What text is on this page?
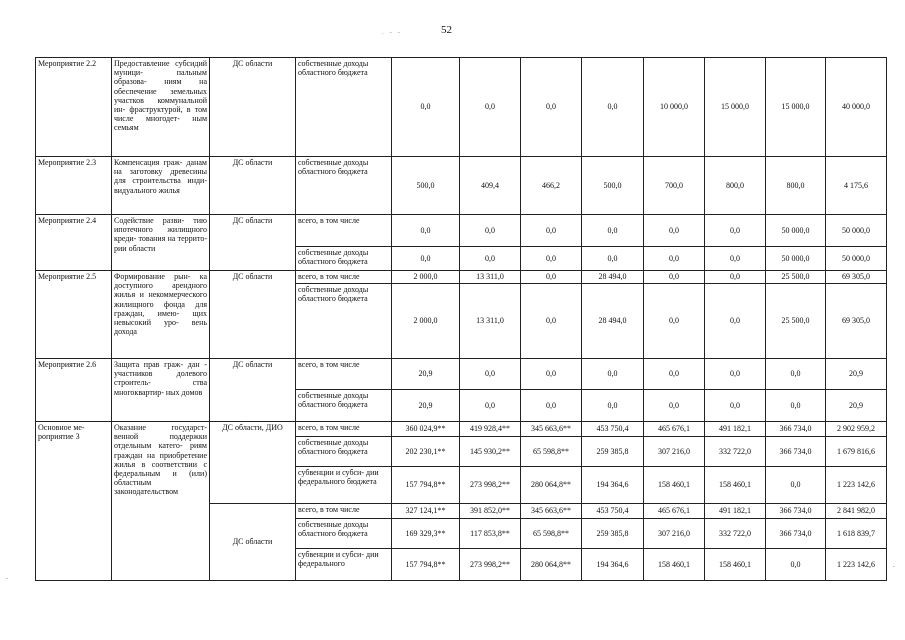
52
. - -
.
.
Мероприятие 2.2	Предоставление субсидий муници- пальным образова- ниям на обеспечение земельных участков коммунальной ин- фраструктурой, в том числе многодет- ным семьям	ДС области	собственные доходы областного бюджета	0,0	0,0	0,0	0,0	10 000,0	15 000,0	15 000,0	40 000,0
Мероприятие 2.3	Компенсация граж- данам на заготовку древесины для строительства инди- видуального жилья	ДС области	собственные доходы областного бюджета	500,0	409,4	466,2	500,0	700,0	800,0	800,0	4 175,6
Мероприятие 2.4	Содействие разви- тию ипотечного жилищного креди- тования на террито- рии области	ДС области	всего, в том числе	0,0	0,0	0,0	0,0	0,0	0,0	50 000,0	50 000,0
			собственные доходы областного бюджета	0,0	0,0	0,0	0,0	0,0	0,0	50 000,0	50 000,0
Мероприятие 2.5	Формирование рын- ка доступного арендного жилья и некоммерческого жилищного фонда для граждан, имею- щих невысокий уро- вень дохода	ДС области	всего, в том числе	2 000,0	13 311,0	0,0	28 494,0	0,0	0,0	25 500,0	69 305,0
			собственные доходы областного бюджета	2 000,0	13 311,0	0,0	28 494,0	0,0	0,0	25 500,0	69 305,0
Мероприятие 2.6	Защита прав граж- дан - участников долевого строитель- ства многоквартир- ных домов	ДС области	всего, в том числе	20,9	0,0	0,0	0,0	0,0	0,0	0,0	20,9
			собственные доходы областного бюджета	20,9	0,0	0,0	0,0	0,0	0,0	0,0	20,9
Основное ме- роприятие 3	Оказание государст- венной поддержки отдельным катего- риям граждан на приобретение жилья в соответствии с федеральным и (или) областным законодательством	ДС области, ДИО	всего, в том числе	360 024,9**	419 928,4**	345 663,6**	453 750,4	465 676,1	491 182,1	366 734,0	2 902 959,2
			собственные доходы областного бюджета	202 230,1**	145 930,2**	65 598,8**	259 385,8	307 216,0	332 722,0	366 734,0	1 679 816,6
			субвенции и субси- дии федерального бюджета	157 794,8**	273 998,2**	280 064,8**	194 364,6	158 460,1	158 460,1	0,0	1 223 142,6
		ДС области	всего, в том числе	327 124,1**	391 852,0**	345 663,6**	453 750,4	465 676,1	491 182,1	366 734,0	2 841 982,0
			собственные доходы областного бюджета	169 329,3**	117 853,8**	65 598,8**	259 385,8	307 216,0	332 722,0	366 734,0	1 618 839,7
			субвенции и субси- дии федерального	157 794,8**	273 998,2**	280 064,8**	194 364,6	158 460,1	158 460,1	0,0	1 223 142,6
